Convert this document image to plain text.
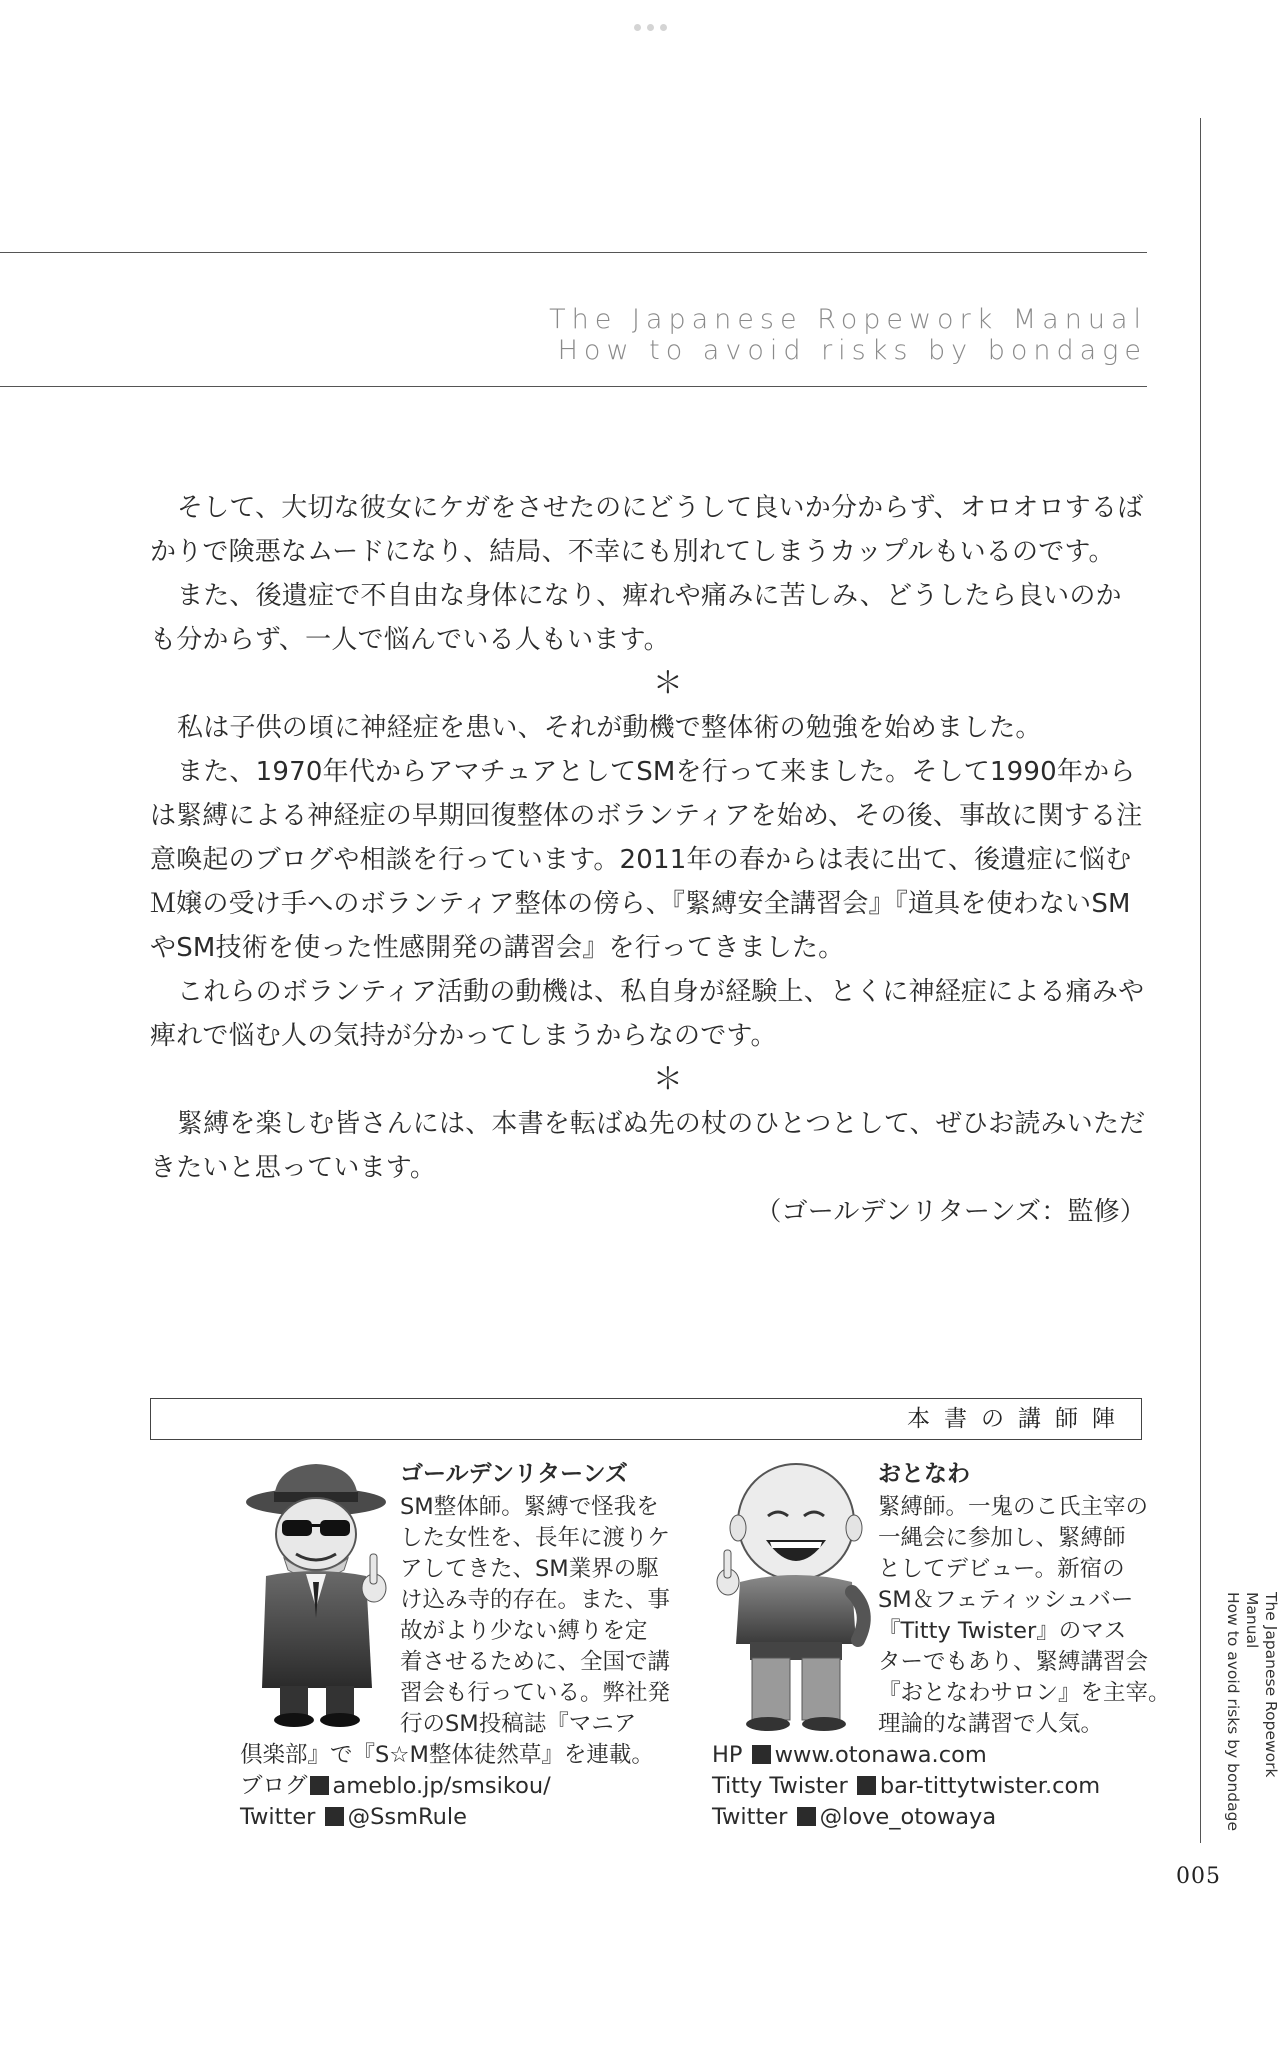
The Japanese Ropework Manual
How to avoid risks by bondage

そして、大切な彼女にケガをさせたのにどうして良いか分からず、オロオロするばかりで険悪なムードになり、結局、不幸にも別れてしまうカップルもいるのです。

また、後遺症で不自由な身体になり、痺れや痛みに苦しみ、どうしたら良いのかも分からず、一人で悩んでいる人もいます。

＊

私は子供の頃に神経症を患い、それが動機で整体術の勉強を始めました。

また、1970年代からアマチュアとしてSMを行って来ました。そして1990年からは緊縛による神経症の早期回復整体のボランティアを始め、その後、事故に関する注意喚起のブログや相談を行っています。2011年の春からは表に出て、後遺症に悩むＭ嬢の受け手へのボランティア整体の傍ら、『緊縛安全講習会』『道具を使わないSMやSM技術を使った性感開発の講習会』を行ってきました。

これらのボランティア活動の動機は、私自身が経験上、とくに神経症による痛みや痺れで悩む人の気持が分かってしまうからなのです。

＊

緊縛を楽しむ皆さんには、本書を転ばぬ先の杖のひとつとして、ぜひお読みいただきたいと思っています。

（ゴールデンリターンズ：監修）

本書の講師陣
ゴールデンリターンズ
SM整体師。緊縛で怪我を
した女性を、長年に渡りケ
アしてきた、SM業界の駆
け込み寺的存在。また、事
故がより少ない縛りを定
着させるために、全国で講
習会も行っている。弊社発
行のSM投稿誌『マニア
倶楽部』で『S☆M整体徒然草』を連載。
ブログ ameblo.jp/smsikou/
Twitter @SsmRule
おとなわ
緊縛師。一鬼のこ氏主宰の
一縄会に参加し、緊縛師
としてデビュー。新宿の
SM＆フェティッシュバー
『Titty Twister』のマス
ターでもあり、緊縛講習会
『おとなわサロン』を主宰。
理論的な講習で人気。
HP www.otonawa.com
Titty Twister bar-tittytwister.com
Twitter @love_otowaya
The Japanese Ropework Manual
How to avoid risks by bondage
005
